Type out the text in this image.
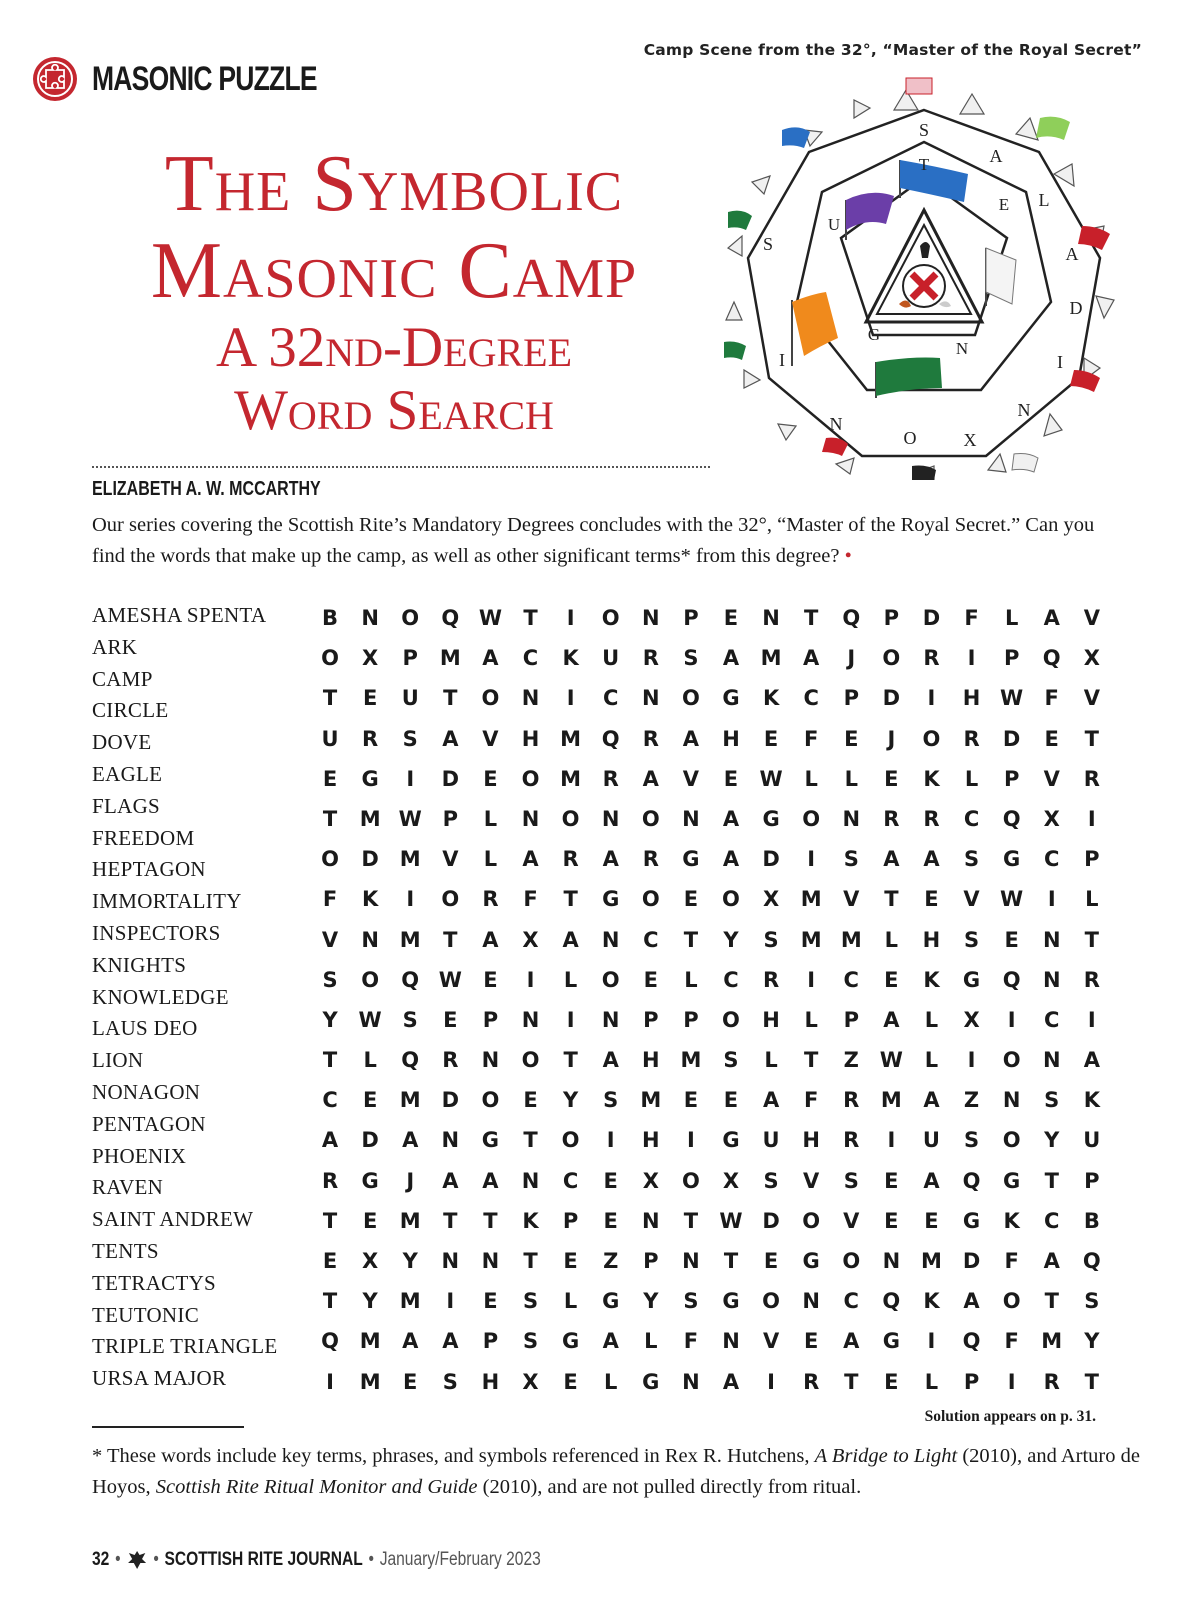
MASONIC PUZZLE
Camp Scene from the 32°, “Master of the Royal Secret”
The Symbolic
Masonic Camp
A 32nd-Degree
Word Search
S
A
L
A
D
I
N
X
O
N
I
S
T
E
N
G
U
ELIZABETH A. W. MCCARTHY
Our series covering the Scottish Rite’s Mandatory Degrees concludes with the 32°, “Master of the Royal Secret.” Can you find the words that make up the camp, as well as other significant terms* from this degree? •
AMESHA SPENTA
ARK
CAMP
CIRCLE
DOVE
EAGLE
FLAGS
FREEDOM
HEPTAGON
IMMORTALITY
INSPECTORS
KNIGHTS
KNOWLEDGE
LAUS DEO
LION
NONAGON
PENTAGON
PHOENIX
RAVEN
SAINT ANDREW
TENTS
TETRACTYS
TEUTONIC
TRIPLE TRIANGLE
URSA MAJOR
B	N	O	Q W	T	I	O	N	P	E	N	T	Q	P	D	F	L	A	V
O	X	P	M	A	C	K	U	R	S	A	M	A	J	O	R	I	P	Q	X
T	E	U	T	O	N	I	C	N	O	G	K	C	P	D	I	H W	F	V
U	R	S	A	V	H M Q	R	A	H	E	F	E	J	O	R	D	E	T
E	G	I	D	E	O M	R	A	V	E	W	L	L	E	K	L	P	V	R
T	M W P	L	N	O	N	O	N	A	G	O	N	R	R	C	Q	X	I
O	D M	V	L	A	R	A	R	G	A	D	I	S	A	A	S	G	C	P
F	K	I	O	R	F	T	G	O	E	O	X	M	V	T	E	V W	I	L
V	N M	T	A	X	A	N	C	T	Y	S	M M	L	H	S	E	N	T
S	O	Q W	E	I	L	O	E	L	C	R	I	C	E	K	G	Q	N	R
Y W S	E	P	N	I	N	P	P	O	H	L	P	A	L	X	I	C	I
T	L	Q	R	N	O	T	A	H M	S	L	T	Z W	L	I	O	N	A
C	E	M D	O	E	Y	S	M	E	E	A	F	R	M	A	Z	N	S	K
A	D	A	N	G	T	O	I	H	I	G	U	H	R	I	U	S	O	Y	U
R	G	J	A	A	N	C	E	X	O	X	S	V	S	E	A	Q	G	T	P
T	E	M	T	T	K	P	E	N	T	W D	O	V	E	E	G	K	C	B
E	X	Y	N	N	T	E	Z	P	N	T	E	G	O	N M D	F	A	Q
T	Y	M	I	E	S	L	G	Y	S	G	O	N	C	Q	K	A	O	T	S
Q M	A	A	P	S	G	A	L	F	N	V	E	A	G	I	Q	F	M	Y
I	M	E	S	H	X	E	L	G	N	A	I	R	T	E	L	P	I	R	T
Solution appears on p. 31.
* These words include key terms, phrases, and symbols referenced in Rex R. Hutchens, A Bridge to Light (2010), and Arturo de Hoyos, Scottish Rite Ritual Monitor and Guide (2010), and are not pulled directly from ritual.
32 • • SCOTTISH RITE JOURNAL • January/February 2023
